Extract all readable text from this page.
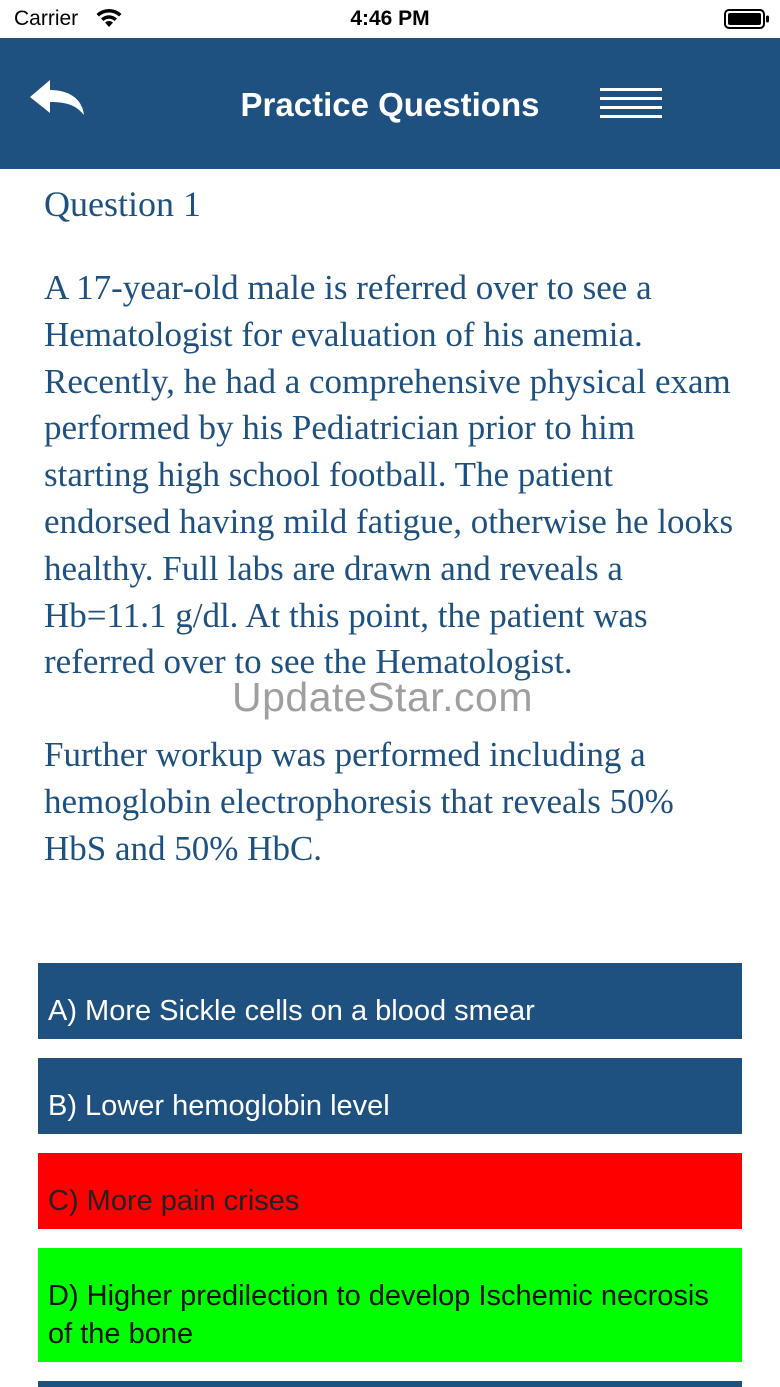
Carrier	4:46 PM
Practice Questions
Question 1

A 17-year-old male is referred over to see a Hematologist for evaluation of his anemia. Recently, he had a comprehensive physical exam performed by his Pediatrician prior to him starting high school football. The patient endorsed having mild fatigue, otherwise he looks healthy. Full labs are drawn and reveals a Hb=11.1 g/dl. At this point, the patient was referred over to see the Hematologist.

Further workup was performed including a hemoglobin electrophoresis that reveals 50% HbS and 50% HbC.

UpdateStar.com
A) More Sickle cells on a blood smear
B) Lower hemoglobin level
C) More pain crises
D) Higher predilection to develop Ischemic necrosis of the bone
